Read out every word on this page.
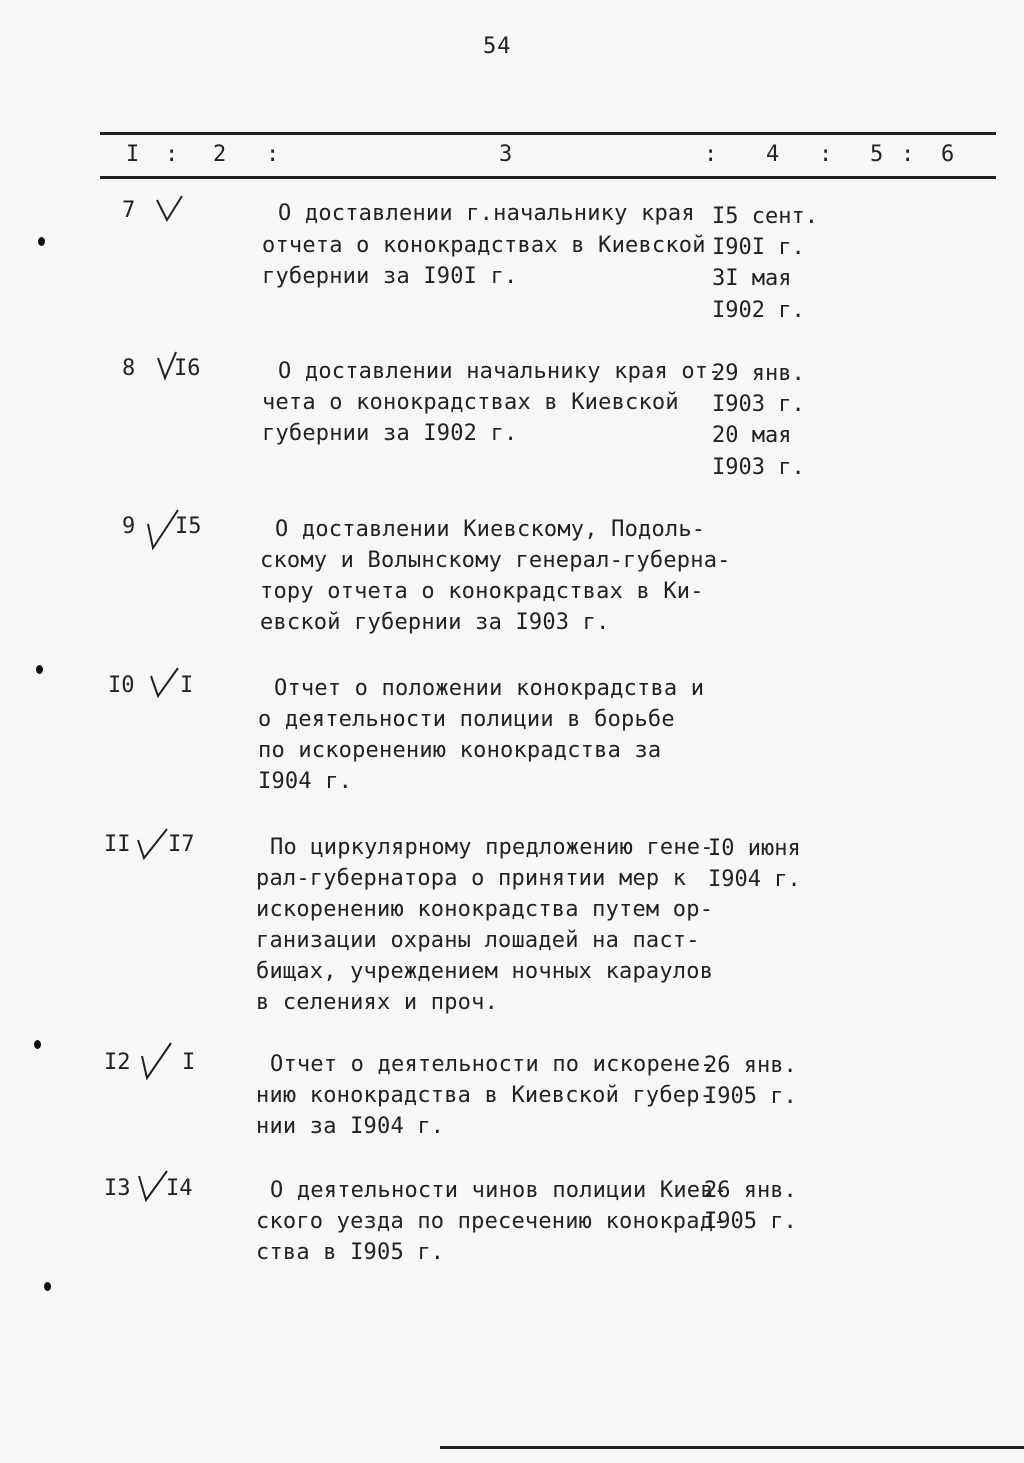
54
I : 2 :	3	: 4 : 5 : 6
7	О доставлении г.начальнику края
отчета о конокрадствах в Киевской
губернии за I90I г.
I5 сент.
I90I г.
3I мая
I902 г.
8 I6	О доставлении начальнику края от-
чета о конокрадствах в Киевской
губернии за I902 г.
29 янв.
I903 г.
20 мая
I903 г.
9 I5	О доставлении Киевскому, Подоль-
скому и Волынскому генерал-губерна-
тору отчета о конокрадствах в Ки-
евской губернии за I903 г.
I0 I	Отчет о положении конокрадства и
о деятельности полиции в борьбе
по искоренению конокрадства за
I904 г.
II I7	По циркулярному предложению гене-
рал-губернатора о принятии мер к
искоренению конокрадства путем ор-
ганизации охраны лошадей на паст-
бищах, учреждением ночных караулов
в селениях и проч.
I0 июня
I904 г.
I2 I	Отчет о деятельности по искорене-
нию конокрадства в Киевской губер-
нии за I904 г.
26 янв.
I905 г.
I3 I4	О деятельности чинов полиции Киев-
ского уезда по пресечению конокрад-
ства в I905 г.
26 янв.
I905 г.
